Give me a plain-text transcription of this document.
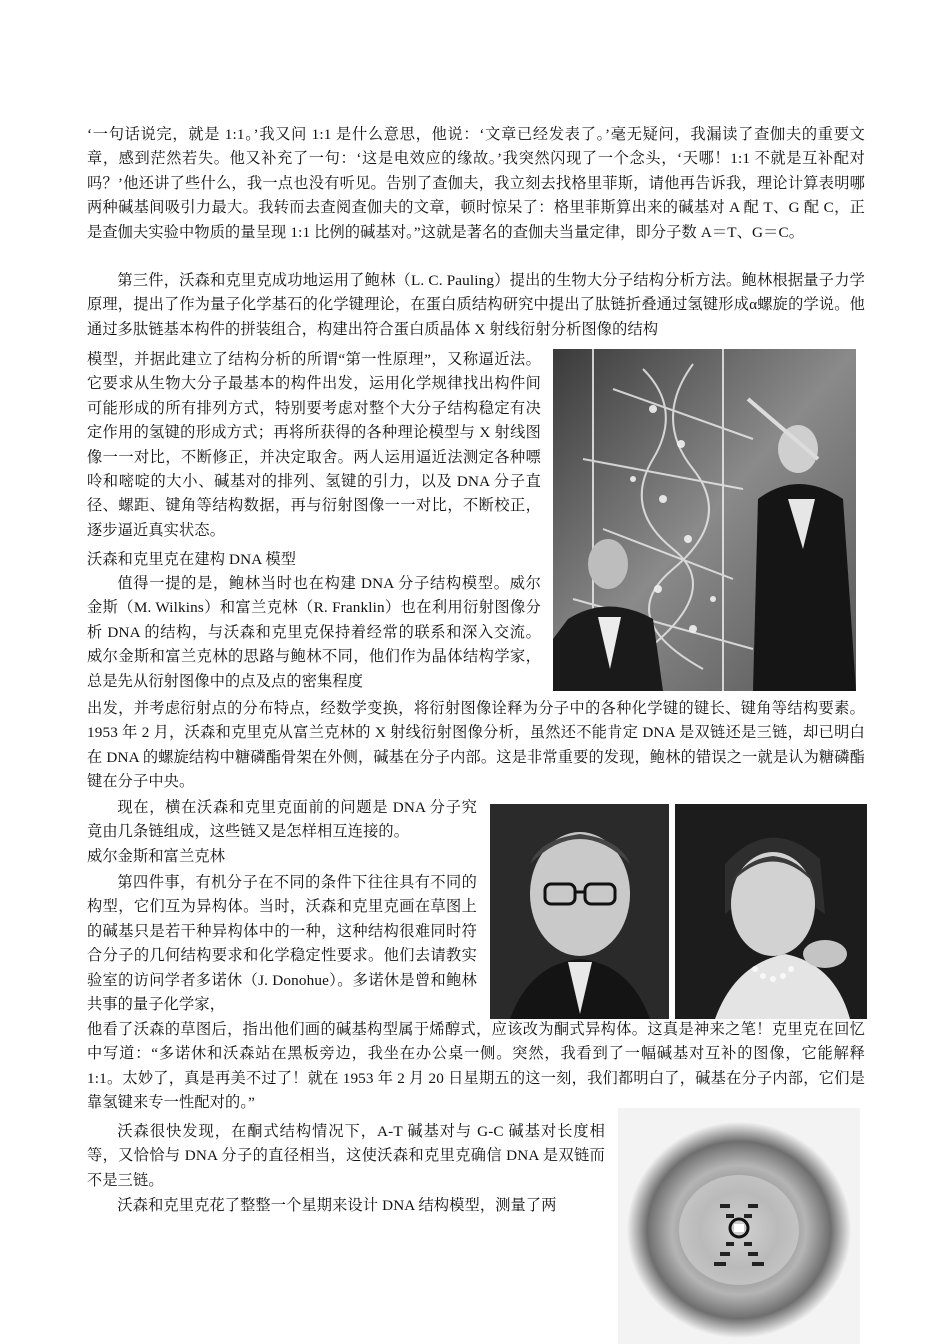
‘一句话说完，就是 1:1。’我又问 1:1 是什么意思，他说：‘文章已经发表了。’毫无疑问，我漏读了查伽夫的重要文章，感到茫然若失。他又补充了一句：‘这是电效应的缘故。’我突然闪现了一个念头，‘天哪！1:1 不就是互补配对吗？’他还讲了些什么，我一点也没有听见。告别了查伽夫，我立刻去找格里菲斯，请他再告诉我，理论计算表明哪两种碱基间吸引力最大。我转而去查阅查伽夫的文章，顿时惊呆了：格里菲斯算出来的碱基对 A 配 T、G 配 C，正是查伽夫实验中物质的量呈现 1:1 比例的碱基对。”这就是著名的查伽夫当量定律，即分子数 A＝T、G＝C。

第三件，沃森和克里克成功地运用了鲍林（L. C. Pauling）提出的生物大分子结构分析方法。鲍林根据量子力学原理，提出了作为量子化学基石的化学键理论，在蛋白质结构研究中提出了肽链折叠通过氢键形成α螺旋的学说。他通过多肽链基本构件的拼装组合，构建出符合蛋白质晶体 X 射线衍射分析图像的结构

模型，并据此建立了结构分析的所谓“第一性原理”，又称逼近法。它要求从生物大分子最基本的构件出发，运用化学规律找出构件间可能形成的所有排列方式，特别要考虑对整个大分子结构稳定有决定作用的氢键的形成方式；再将所获得的各种理论模型与 X 射线图像一一对比，不断修正，并决定取舍。两人运用逼近法测定各种嘌呤和嘧啶的大小、碱基对的排列、氢键的引力，以及 DNA 分子直径、螺距、键角等结构数据，再与衍射图像一一对比，不断校正，逐步逼近真实状态。

沃森和克里克在建构 DNA 模型

值得一提的是，鲍林当时也在构建 DNA 分子结构模型。威尔金斯（M. Wilkins）和富兰克林（R. Franklin）也在利用衍射图像分析 DNA 的结构，与沃森和克里克保持着经常的联系和深入交流。威尔金斯和富兰克林的思路与鲍林不同，他们作为晶体结构学家，总是先从衍射图像中的点及点的密集程度

出发，并考虑衍射点的分布特点，经数学变换，将衍射图像诠释为分子中的各种化学键的键长、键角等结构要素。1953 年 2 月，沃森和克里克从富兰克林的 X 射线衍射图像分析，虽然还不能肯定 DNA 是双链还是三链，却已明白在 DNA 的螺旋结构中糖磷酯骨架在外侧，碱基在分子内部。这是非常重要的发现，鲍林的错误之一就是认为糖磷酯键在分子中央。

现在，横在沃森和克里克面前的问题是 DNA 分子究竟由几条链组成，这些链又是怎样相互连接的。

威尔金斯和富兰克林

第四件事，有机分子在不同的条件下往往具有不同的构型，它们互为异构体。当时，沃森和克里克画在草图上的碱基只是若干种异构体中的一种，这种结构很难同时符合分子的几何结构要求和化学稳定性要求。他们去请教实验室的访问学者多诺休（J. Donohue）。多诺休是曾和鲍林共事的量子化学家，

他看了沃森的草图后，指出他们画的碱基构型属于烯醇式，应该改为酮式异构体。这真是神来之笔！克里克在回忆中写道：“多诺休和沃森站在黑板旁边，我坐在办公桌一侧。突然，我看到了一幅碱基对互补的图像，它能解释 1:1。太妙了，真是再美不过了！就在 1953 年 2 月 20 日星期五的这一刻，我们都明白了，碱基在分子内部，它们是靠氢键来专一性配对的。”

沃森很快发现，在酮式结构情况下，A-T 碱基对与 G-C 碱基对长度相等，又恰恰与 DNA 分子的直径相当，这使沃森和克里克确信 DNA 是双链而不是三链。

沃森和克里克花了整整一个星期来设计 DNA 结构模型，测量了两
